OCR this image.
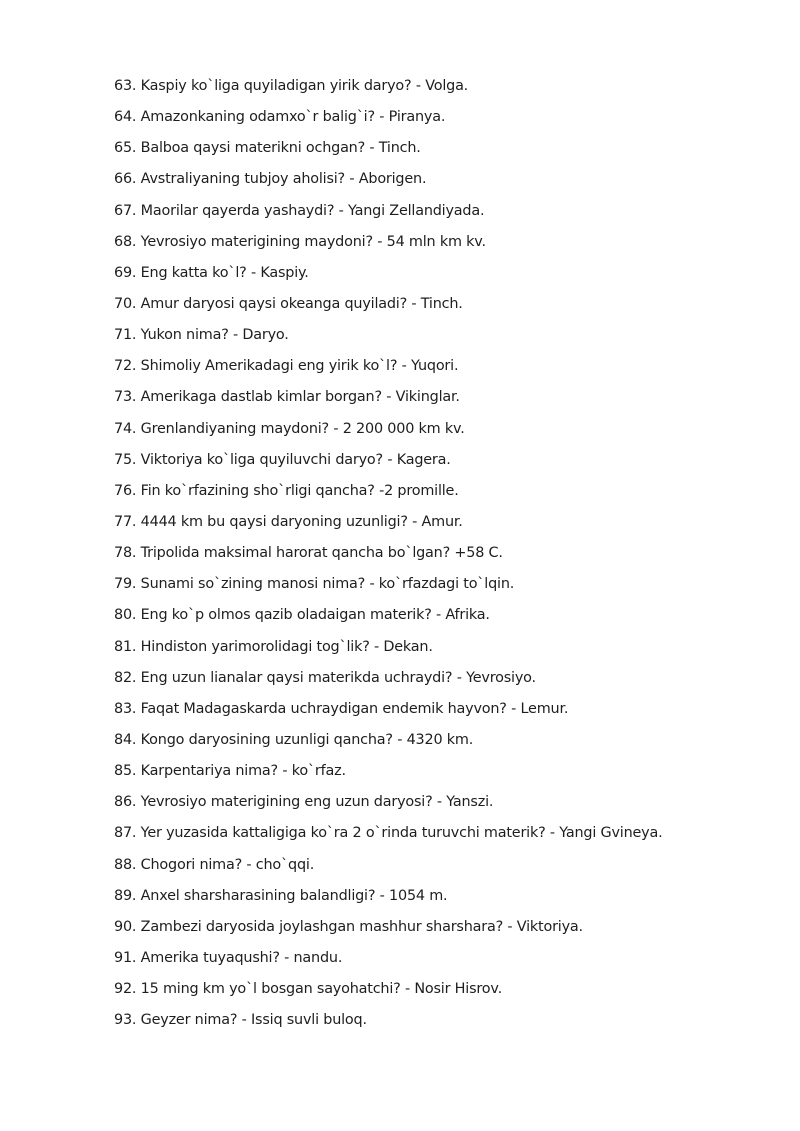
63. Kaspiy ko`liga quyiladigan yirik daryo? - Volga.
64. Amazonkaning odamxo`r balig`i? - Piranya.
65. Balboa qaysi materikni ochgan? - Tinch.
66. Avstraliyaning tubjoy aholisi? - Aborigen.
67. Maorilar qayerda yashaydi? - Yangi Zellandiyada.
68. Yevrosiyo materigining maydoni? - 54 mln km kv.
69. Eng katta ko`l? - Kaspiy.
70. Amur daryosi qaysi okeanga quyiladi? - Tinch.
71. Yukon nima? - Daryo.
72. Shimoliy Amerikadagi eng yirik ko`l? - Yuqori.
73. Amerikaga dastlab kimlar borgan? - Vikinglar.
74. Grenlandiyaning maydoni? - 2 200 000 km kv.
75. Viktoriya ko`liga quyiluvchi daryo? - Kagera.
76. Fin ko`rfazining sho`rligi qancha? -2 promille.
77. 4444 km bu qaysi daryoning uzunligi? - Amur.
78. Tripolida maksimal harorat qancha bo`lgan? +58 C.
79. Sunami so`zining manosi nima? - ko`rfazdagi to`lqin.
80. Eng ko`p olmos qazib oladaigan materik? - Afrika.
81. Hindiston yarimorolidagi tog`lik? - Dekan.
82. Eng uzun lianalar qaysi materikda uchraydi? - Yevrosiyo.
83. Faqat Madagaskarda uchraydigan endemik hayvon? - Lemur.
84. Kongo daryosining uzunligi qancha? - 4320 km.
85. Karpentariya nima? - ko`rfaz.
86. Yevrosiyo materigining eng uzun daryosi? - Yanszi.
87. Yer yuzasida kattaligiga ko`ra 2 o`rinda turuvchi materik? - Yangi Gvineya.
88. Chogori nima? - cho`qqi.
89. Anxel sharsharasining balandligi? - 1054 m.
90. Zambezi daryosida joylashgan mashhur sharshara? - Viktoriya.
91. Amerika tuyaqushi? - nandu.
92. 15 ming km yo`l bosgan sayohatchi? - Nosir Hisrov.
93. Geyzer nima? - Issiq suvli buloq.
